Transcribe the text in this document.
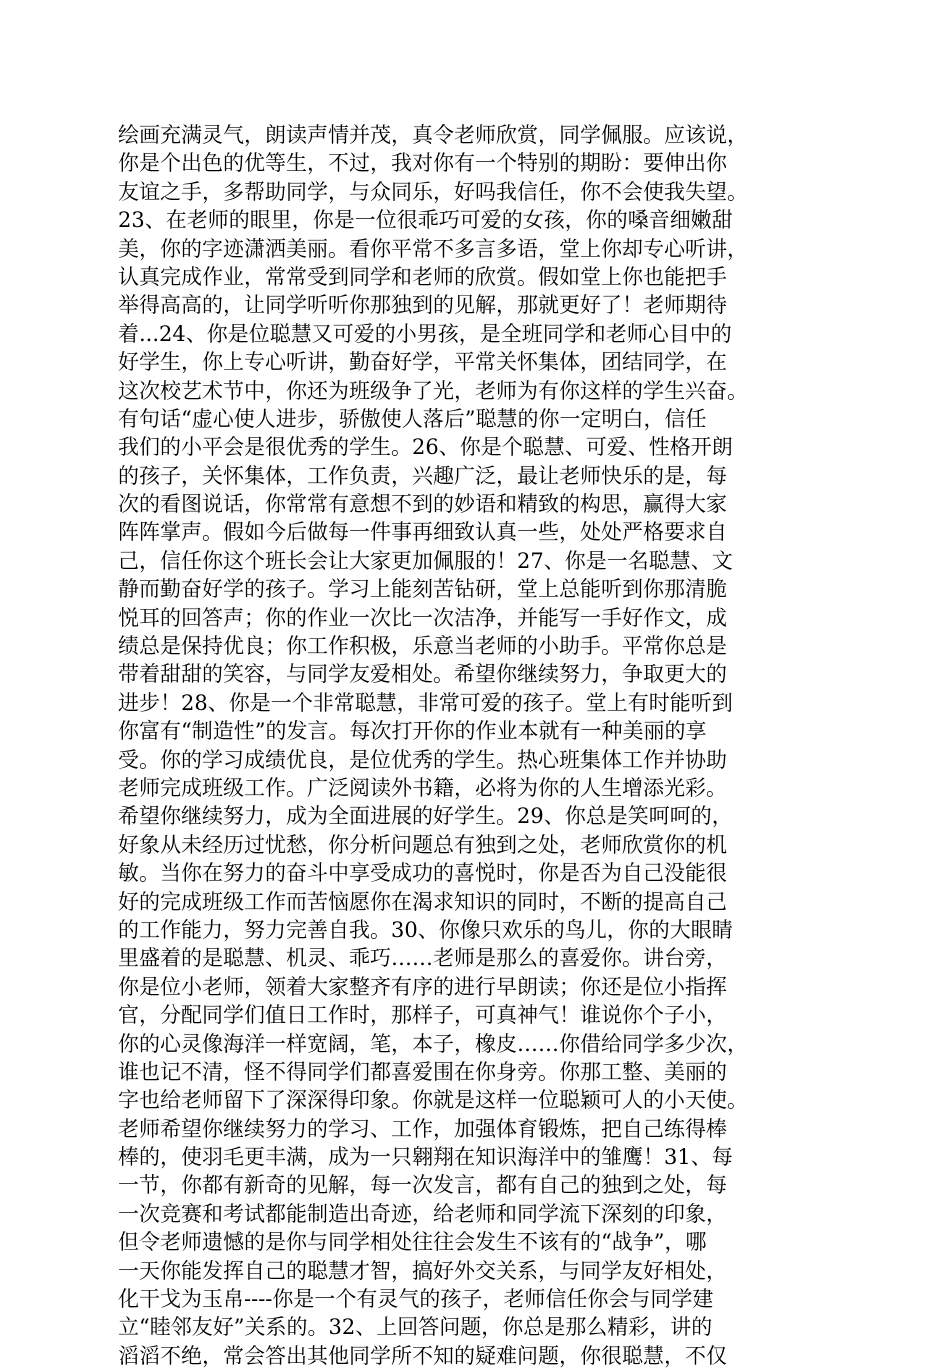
绘画充满灵气，朗读声情并茂，真令老师欣赏，同学佩服。应该说，
你是个出色的优等生，不过，我对你有一个特别的期盼：要伸出你
友谊之手，多帮助同学，与众同乐，好吗我信任，你不会使我失望。
23、在老师的眼里，你是一位很乖巧可爱的女孩，你的嗓音细嫩甜
美，你的字迹潇洒美丽。看你平常不多言多语，堂上你却专心听讲，
认真完成作业，常常受到同学和老师的欣赏。假如堂上你也能把手
举得高高的，让同学听听你那独到的见解，那就更好了！老师期待
着...24、你是位聪慧又可爱的小男孩，是全班同学和老师心目中的
好学生，你上专心听讲，勤奋好学，平常关怀集体，团结同学，在
这次校艺术节中，你还为班级争了光，老师为有你这样的学生兴奋。
有句话“虚心使人进步，骄傲使人落后”聪慧的你一定明白，信任
我们的小平会是很优秀的学生。26、你是个聪慧、可爱、性格开朗
的孩子，关怀集体，工作负责，兴趣广泛，最让老师快乐的是，每
次的看图说话，你常常有意想不到的妙语和精致的构思，赢得大家
阵阵掌声。假如今后做每一件事再细致认真一些，处处严格要求自
己，信任你这个班长会让大家更加佩服的！27、你是一名聪慧、文
静而勤奋好学的孩子。学习上能刻苦钻研，堂上总能听到你那清脆
悦耳的回答声；你的作业一次比一次洁净，并能写一手好作文，成
绩总是保持优良；你工作积极，乐意当老师的小助手。平常你总是
带着甜甜的笑容，与同学友爱相处。希望你继续努力，争取更大的
进步！28、你是一个非常聪慧，非常可爱的孩子。堂上有时能听到
你富有“制造性”的发言。每次打开你的作业本就有一种美丽的享
受。你的学习成绩优良，是位优秀的学生。热心班集体工作并协助
老师完成班级工作。广泛阅读外书籍，必将为你的人生增添光彩。
希望你继续努力，成为全面进展的好学生。29、你总是笑呵呵的，
好象从未经历过忧愁，你分析问题总有独到之处，老师欣赏你的机
敏。当你在努力的奋斗中享受成功的喜悦时，你是否为自己没能很
好的完成班级工作而苦恼愿你在渴求知识的同时，不断的提高自己
的工作能力，努力完善自我。30、你像只欢乐的鸟儿，你的大眼睛
里盛着的是聪慧、机灵、乖巧……老师是那么的喜爱你。讲台旁，
你是位小老师，领着大家整齐有序的进行早朗读；你还是位小指挥
官，分配同学们值日工作时，那样子，可真神气！谁说你个子小，
你的心灵像海洋一样宽阔，笔，本子，橡皮……你借给同学多少次，
谁也记不清，怪不得同学们都喜爱围在你身旁。你那工整、美丽的
字也给老师留下了深深得印象。你就是这样一位聪颖可人的小天使。
老师希望你继续努力的学习、工作，加强体育锻炼，把自己练得棒
棒的，使羽毛更丰满，成为一只翱翔在知识海洋中的雏鹰！31、每
一节，你都有新奇的见解，每一次发言，都有自己的独到之处，每
一次竞赛和考试都能制造出奇迹，给老师和同学流下深刻的印象，
但令老师遗憾的是你与同学相处往往会发生不该有的“战争”，哪
一天你能发挥自己的聪慧才智，搞好外交关系，与同学友好相处，
化干戈为玉帛----你是一个有灵气的孩子，老师信任你会与同学建
立“睦邻友好”关系的。32、上回答问题，你总是那么精彩，讲的
滔滔不绝，常会答出其他同学所不知的疑难问题，你很聪慧，不仅
